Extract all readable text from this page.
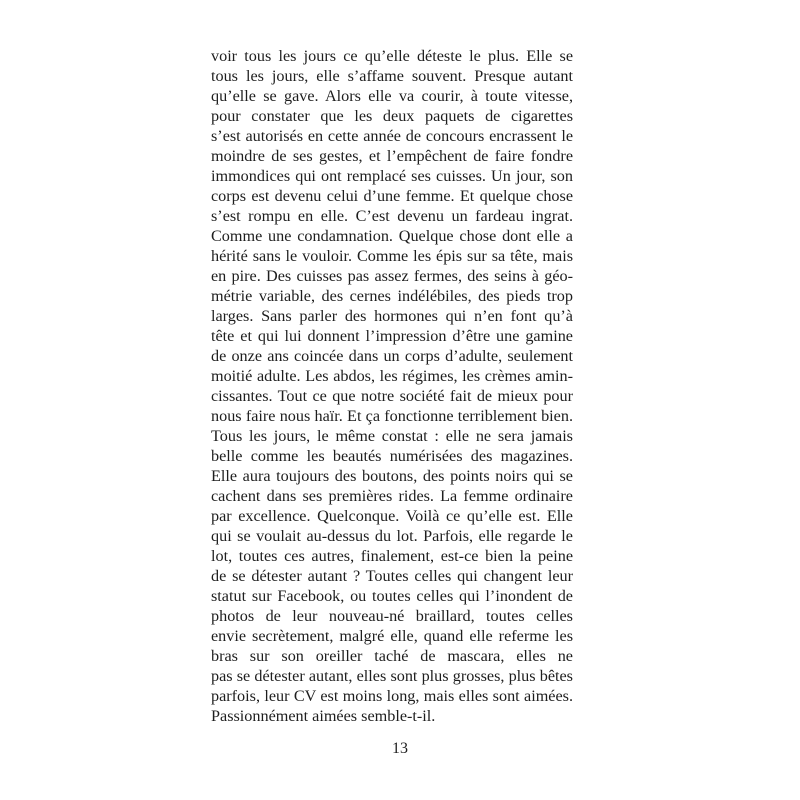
voir tous les jours ce qu’elle déteste le plus. Elle se
tous les jours, elle s’affame souvent. Presque autant
qu’elle se gave. Alors elle va courir, à toute vitesse,
pour constater que les deux paquets de cigarettes
s’est autorisés en cette année de concours encrassent le
moindre de ses gestes, et l’empêchent de faire fondre
immondices qui ont remplacé ses cuisses. Un jour, son
corps est devenu celui d’une femme. Et quelque chose
s’est rompu en elle. C’est devenu un fardeau ingrat.
Comme une condamnation. Quelque chose dont elle a
hérité sans le vouloir. Comme les épis sur sa tête, mais
en pire. Des cuisses pas assez fermes, des seins à géo-
métrie variable, des cernes indélébiles, des pieds trop
larges. Sans parler des hormones qui n’en font qu’à
tête et qui lui donnent l’impression d’être une gamine
de onze ans coincée dans un corps d’adulte, seulement
moitié adulte. Les abdos, les régimes, les crèmes amin-
cissantes. Tout ce que notre société fait de mieux pour
nous faire nous haïr. Et ça fonctionne terriblement bien.
Tous les jours, le même constat : elle ne sera jamais
belle comme les beautés numérisées des magazines.
Elle aura toujours des boutons, des points noirs qui se
cachent dans ses premières rides. La femme ordinaire
par excellence. Quelconque. Voilà ce qu’elle est. Elle
qui se voulait au-dessus du lot. Parfois, elle regarde le
lot, toutes ces autres, finalement, est-ce bien la peine
de se détester autant ? Toutes celles qui changent leur
statut sur Facebook, ou toutes celles qui l’inondent de
photos de leur nouveau-né braillard, toutes celles
envie secrètement, malgré elle, quand elle referme les
bras sur son oreiller taché de mascara, elles ne
pas se détester autant, elles sont plus grosses, plus bêtes
parfois, leur CV est moins long, mais elles sont aimées.
Passionnément aimées semble-t-il.
13
